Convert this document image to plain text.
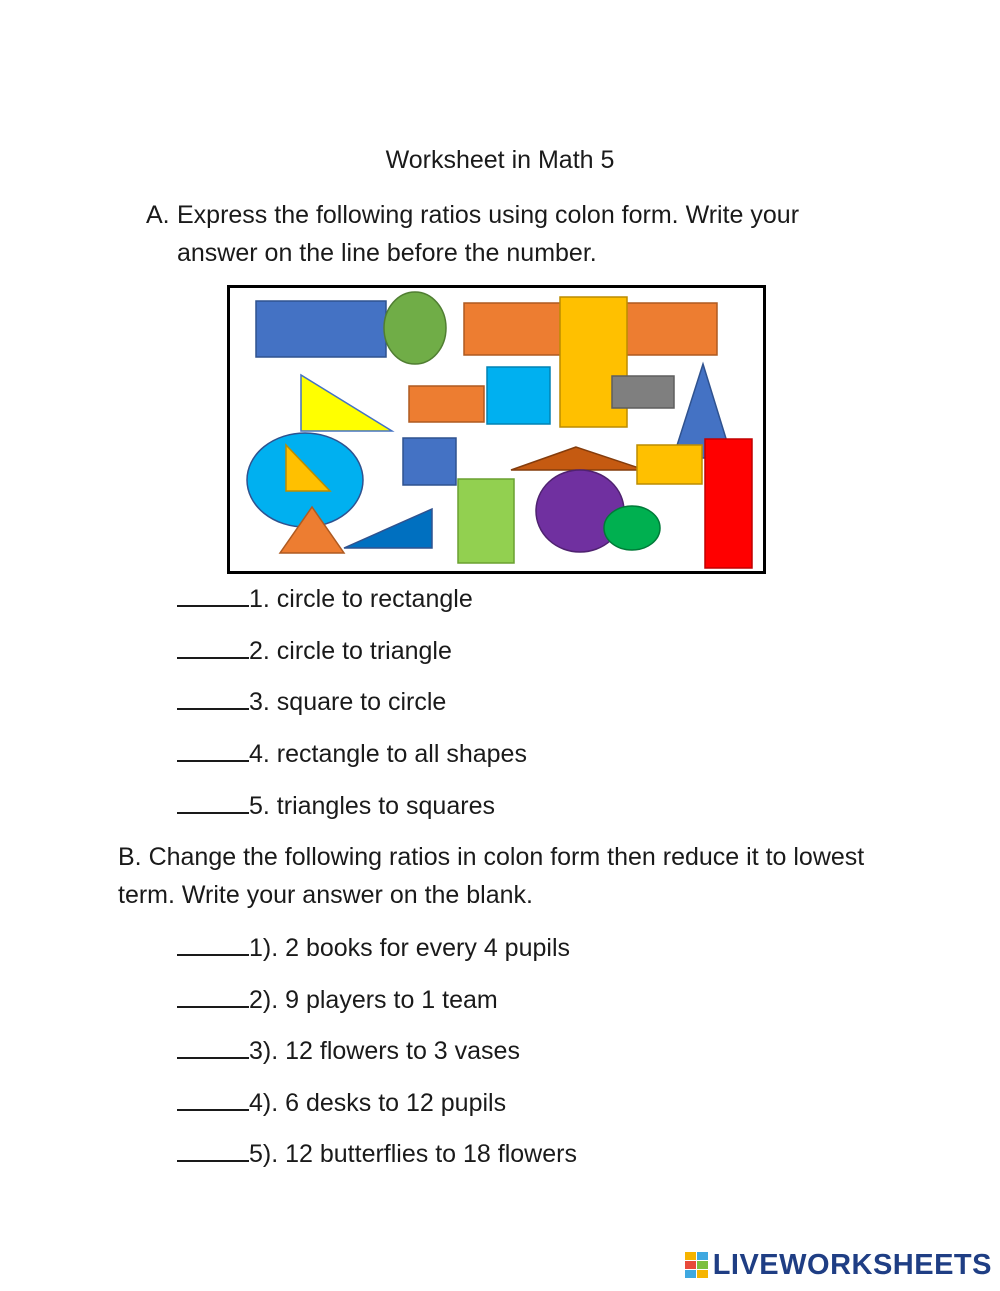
Worksheet in Math 5
A. Express the following ratios using colon form. Write your answer on the line before the number.
1. circle to rectangle
2. circle to triangle
3. square to circle
4. rectangle to all shapes
5. triangles to squares
B. Change the following ratios in colon form then reduce it to lowest term. Write your answer on the blank.
1). 2 books for every 4 pupils
2). 9 players to 1 team
3). 12 flowers to 3 vases
4). 6 desks to 12 pupils
5). 12 butterflies to 18 flowers
LIVEWORKSHEETS
